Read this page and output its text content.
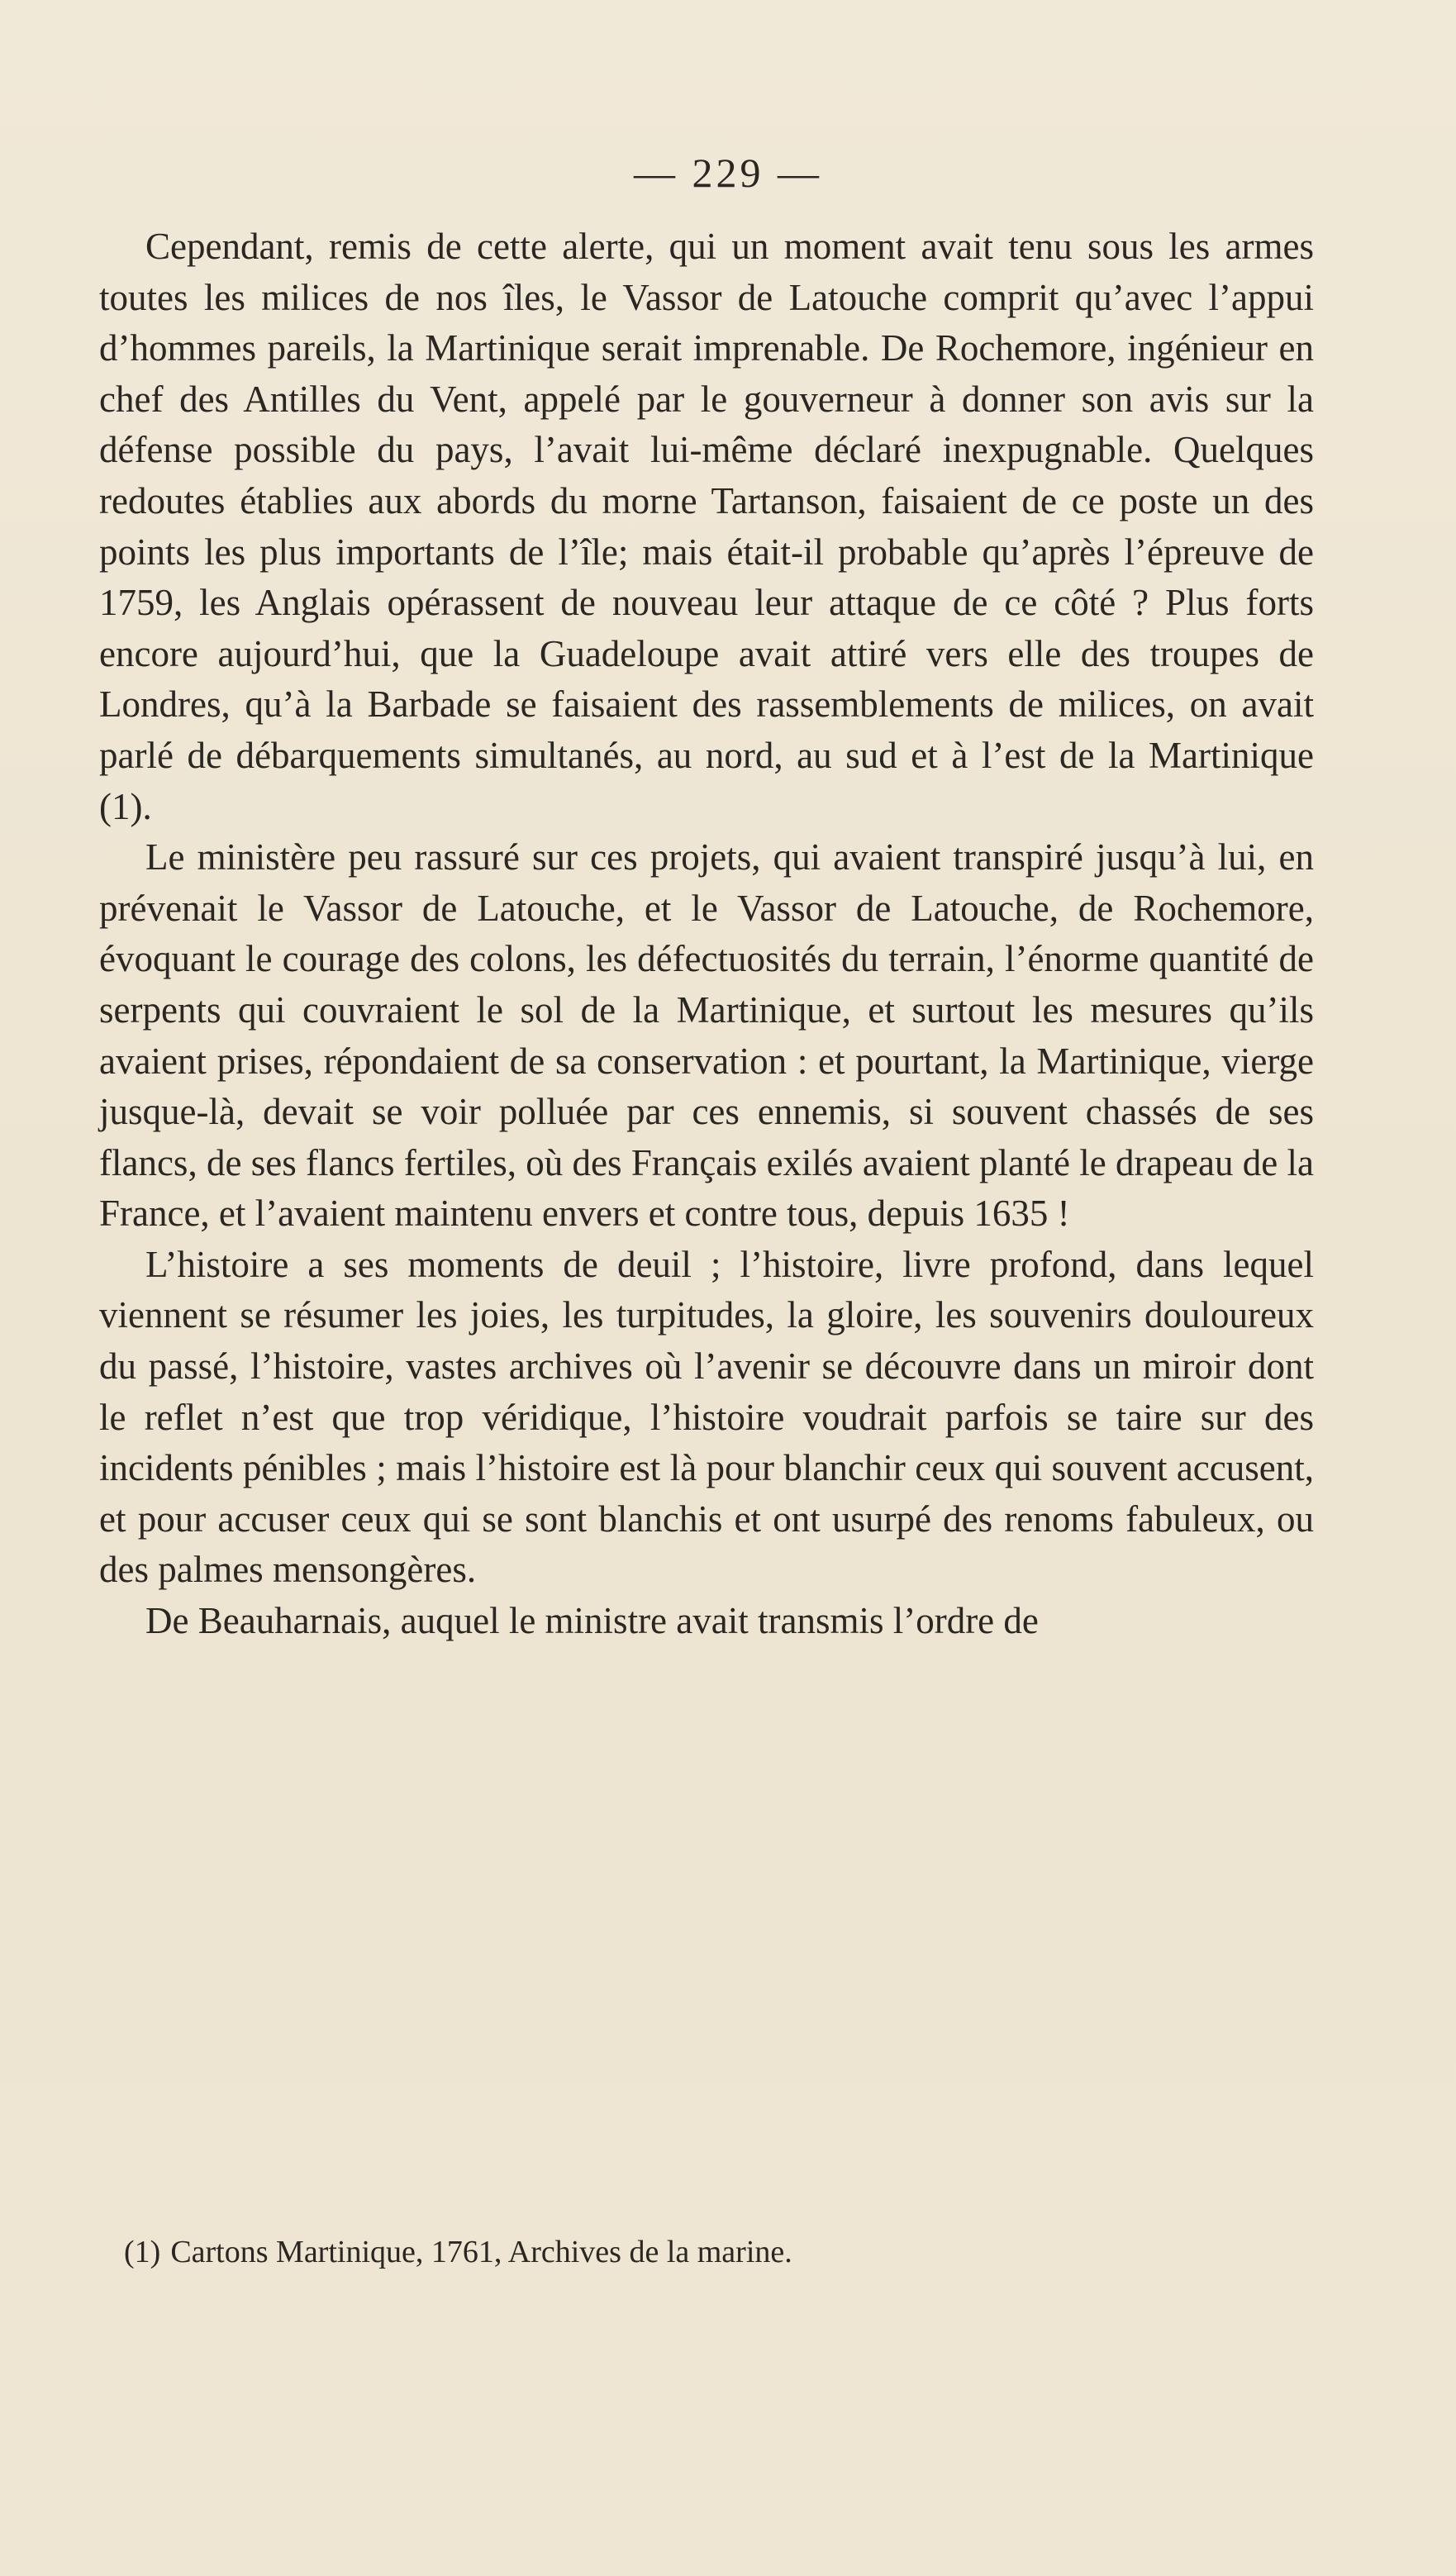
— 229 —

Cependant, remis de cette alerte, qui un moment avait tenu sous les armes toutes les milices de nos îles, le Vassor de Latouche comprit qu’avec l’appui d’hommes pareils, la Martinique serait imprenable. De Rochemore, ingénieur en chef des Antilles du Vent, appelé par le gouverneur à donner son avis sur la défense possible du pays, l’avait lui-même déclaré inexpugnable. Quelques redoutes établies aux abords du morne Tartanson, faisaient de ce poste un des points les plus importants de l’île; mais était-il probable qu’après l’épreuve de 1759, les Anglais opérassent de nouveau leur attaque de ce côté ? Plus forts encore aujourd’hui, que la Guadeloupe avait attiré vers elle des troupes de Londres, qu’à la Barbade se faisaient des rassemblements de milices, on avait parlé de débarquements simultanés, au nord, au sud et à l’est de la Martinique (1).

Le ministère peu rassuré sur ces projets, qui avaient transpiré jusqu’à lui, en prévenait le Vassor de Latouche, et le Vassor de Latouche, de Rochemore, évoquant le courage des colons, les défectuosités du terrain, l’énorme quantité de serpents qui couvraient le sol de la Martinique, et surtout les mesures qu’ils avaient prises, répondaient de sa conservation : et pourtant, la Martinique, vierge jusque-là, devait se voir polluée par ces ennemis, si souvent chassés de ses flancs, de ses flancs fertiles, où des Français exilés avaient planté le drapeau de la France, et l’avaient maintenu envers et contre tous, depuis 1635 !

L’histoire a ses moments de deuil ; l’histoire, livre profond, dans lequel viennent se résumer les joies, les turpitudes, la gloire, les souvenirs douloureux du passé, l’histoire, vastes archives où l’avenir se découvre dans un miroir dont le reflet n’est que trop véridique, l’histoire voudrait parfois se taire sur des incidents pénibles ; mais l’histoire est là pour blanchir ceux qui souvent accusent, et pour accuser ceux qui se sont blanchis et ont usurpé des renoms fabuleux, ou des palmes mensongères.

De Beauharnais, auquel le ministre avait transmis l’ordre de

(1) Cartons Martinique, 1761, Archives de la marine.
